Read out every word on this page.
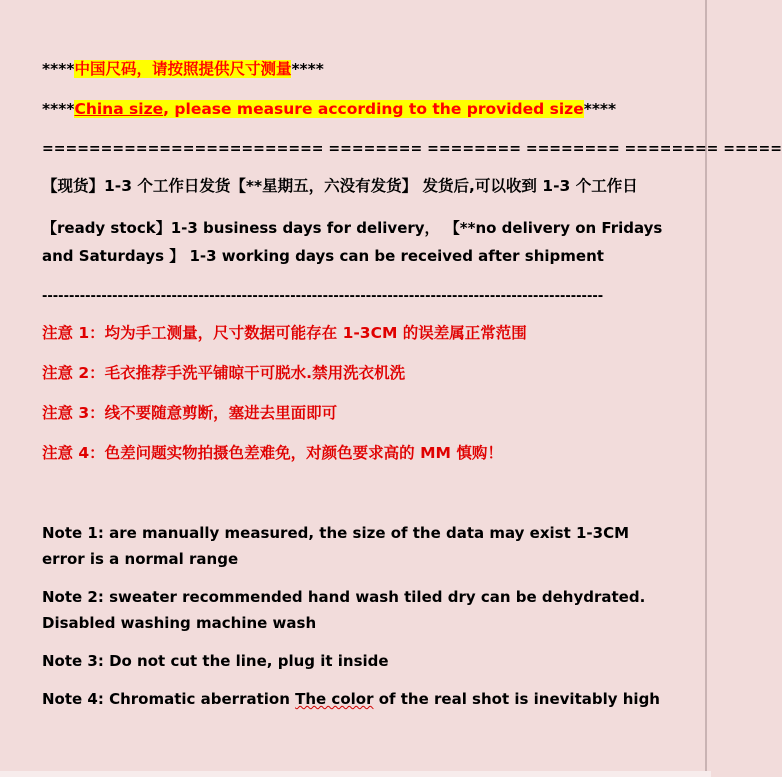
****中国尺码，请按照提供尺寸测量****

****China size, please measure according to the provided size****

======================== ======== ======== ======== ======== =====

【现货】1-3 个工作日发货【**星期五，六没有发货】 发货后,可以收到 1-3 个工作日

【ready stock】1-3 business days for delivery， 【**no delivery on Fridays and Saturdays 】 1-3 working days can be received after shipment

--------------------------------------------------------------------------------------------------------

注意 1：均为手工测量，尺寸数据可能存在 1-3CM 的误差属正常范围

注意 2：毛衣推荐手洗平铺晾干可脱水.禁用洗衣机洗

注意 3：线不要随意剪断，塞进去里面即可

注意 4：色差问题实物拍摄色差难免，对颜色要求高的 MM 慎购！

Note 1: are manually measured, the size of the data may exist 1-3CM error is a normal range

Note 2: sweater recommended hand wash tiled dry can be dehydrated. Disabled washing machine wash

Note 3: Do not cut the line, plug it inside

Note 4: Chromatic aberration The color of the real shot is inevitably high
